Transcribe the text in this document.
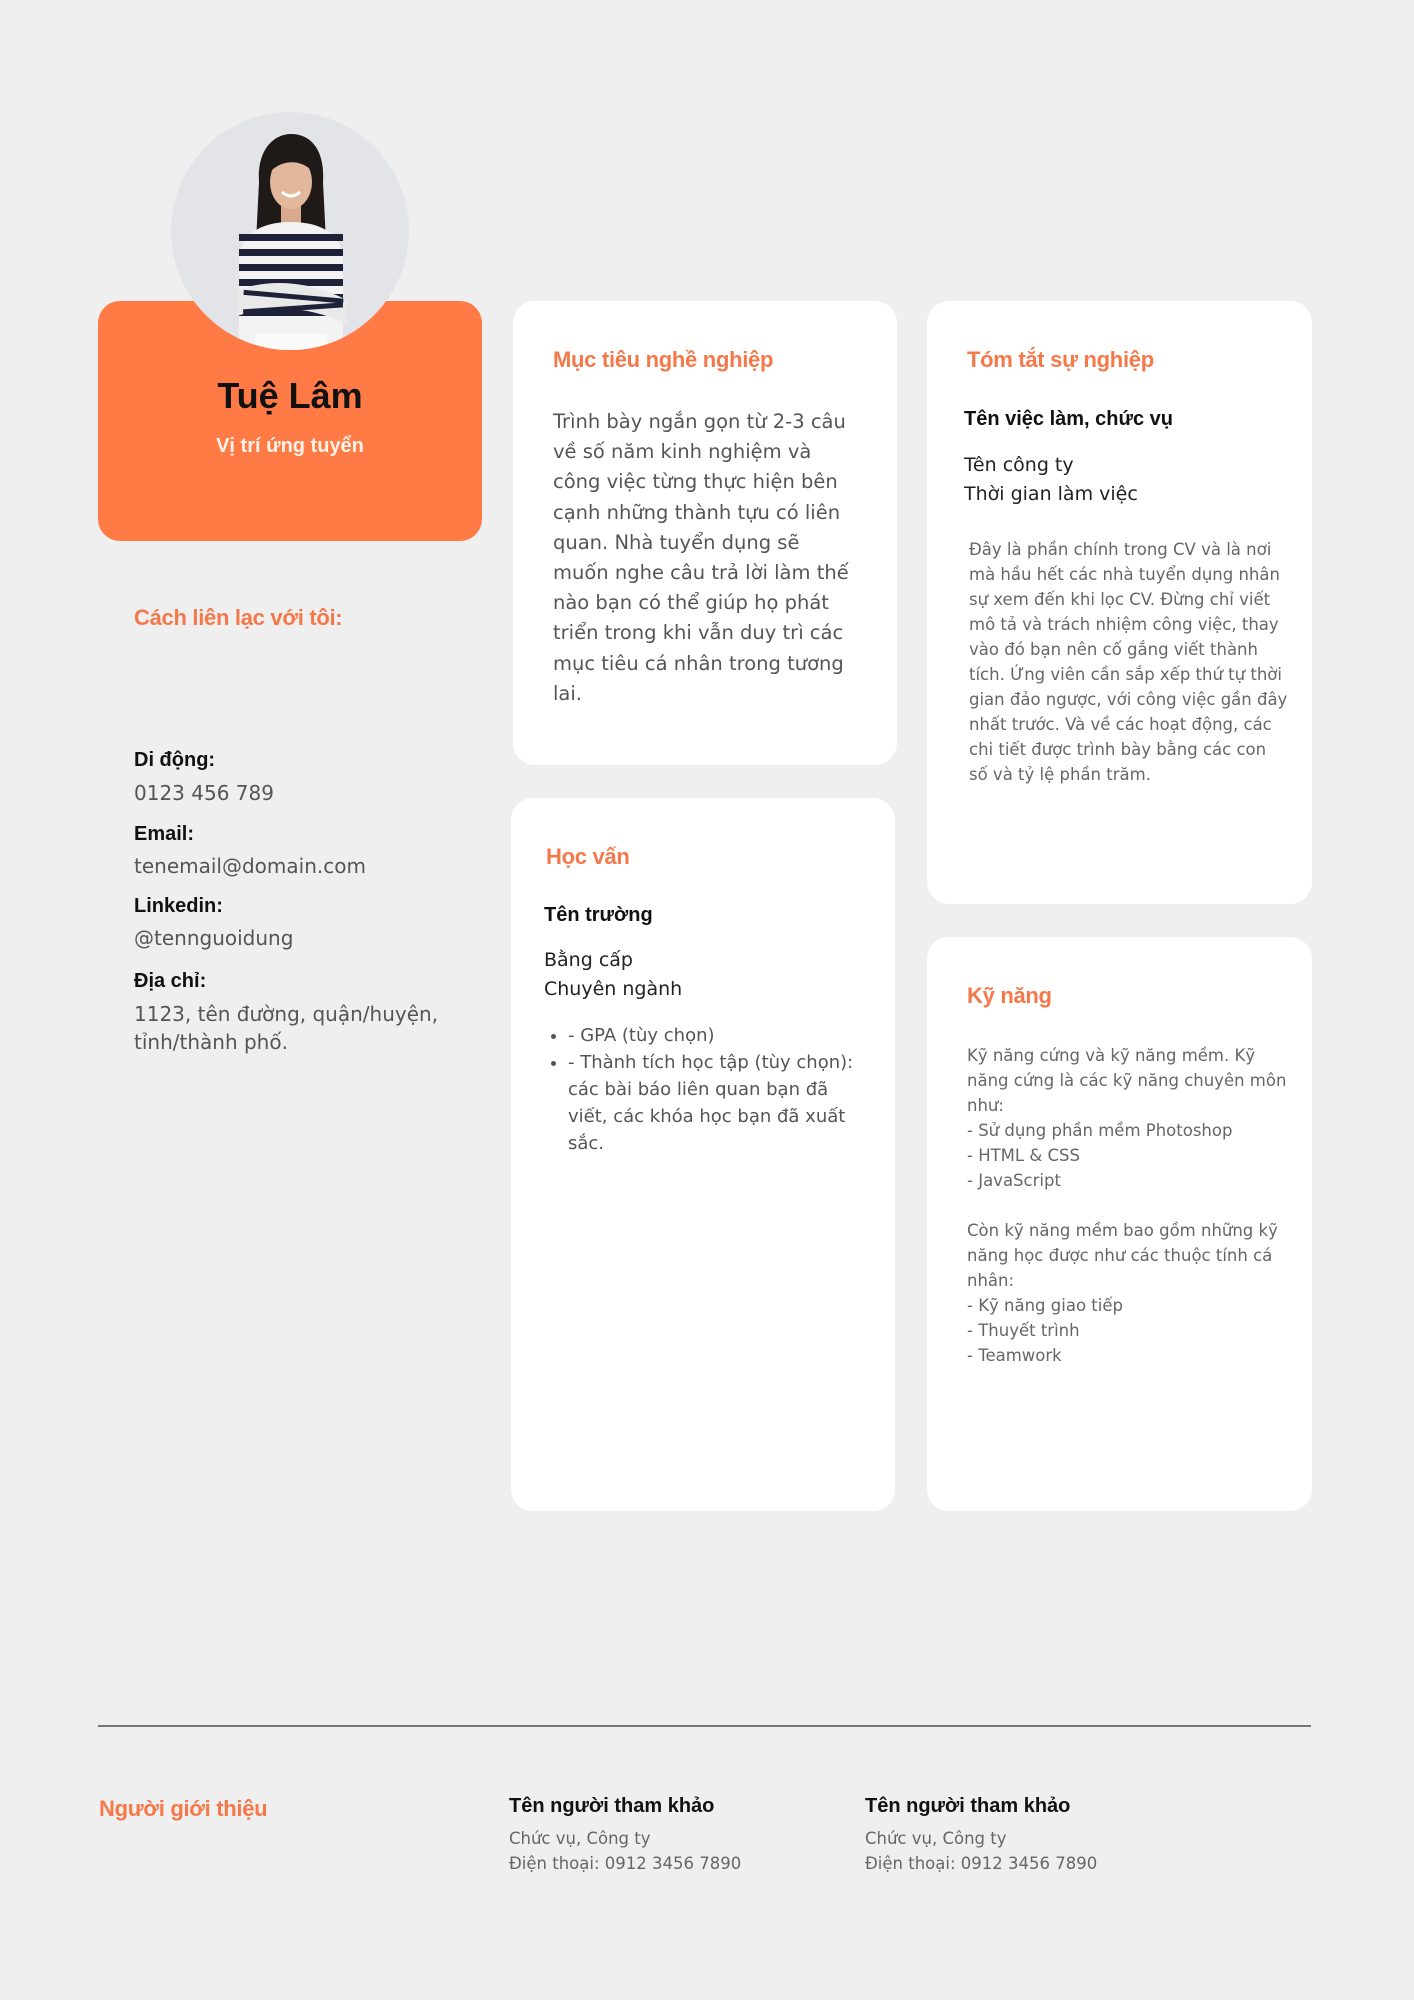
Tuệ Lâm
Vị trí ứng tuyển
Cách liên lạc với tôi:
Di động:
0123 456 789
Email:
tenemail@domain.com
Linkedin:
@tennguoidung
Địa chỉ:
1123, tên đường, quận/huyện,
tỉnh/thành phố.
Mục tiêu nghề nghiệp
Trình bày ngắn gọn từ 2-3 câu
về số năm kinh nghiệm và
công việc từng thực hiện bên
cạnh những thành tựu có liên
quan. Nhà tuyển dụng sẽ
muốn nghe câu trả lời làm thế
nào bạn có thể giúp họ phát
triển trong khi vẫn duy trì các
mục tiêu cá nhân trong tương
lai.
Tóm tắt sự nghiệp
Tên việc làm, chức vụ
Tên công ty
Thời gian làm việc
Đây là phần chính trong CV và là nơi
mà hầu hết các nhà tuyển dụng nhân
sự xem đến khi lọc CV. Đừng chỉ viết
mô tả và trách nhiệm công việc, thay
vào đó bạn nên cố gắng viết thành
tích. Ứng viên cần sắp xếp thứ tự thời
gian đảo ngược, với công việc gần đây
nhất trước. Và về các hoạt động, các
chi tiết được trình bày bằng các con
số và tỷ lệ phần trăm.
Học vấn
Tên trường
Bằng cấp
Chuyên ngành
• - GPA (tùy chọn)
• - Thành tích học tập (tùy chọn):
các bài báo liên quan bạn đã
viết, các khóa học bạn đã xuất
sắc.
Kỹ năng
Kỹ năng cứng và kỹ năng mềm. Kỹ
năng cứng là các kỹ năng chuyên môn
như:
- Sử dụng phần mềm Photoshop
- HTML & CSS
- JavaScript
Còn kỹ năng mềm bao gồm những kỹ
năng học được như các thuộc tính cá
nhân:
- Kỹ năng giao tiếp
- Thuyết trình
- Teamwork
Người giới thiệu	Tên người tham khảo
Chức vụ, Công ty
Điện thoại: 0912 3456 7890
Tên người tham khảo
Chức vụ, Công ty
Điện thoại: 0912 3456 7890
